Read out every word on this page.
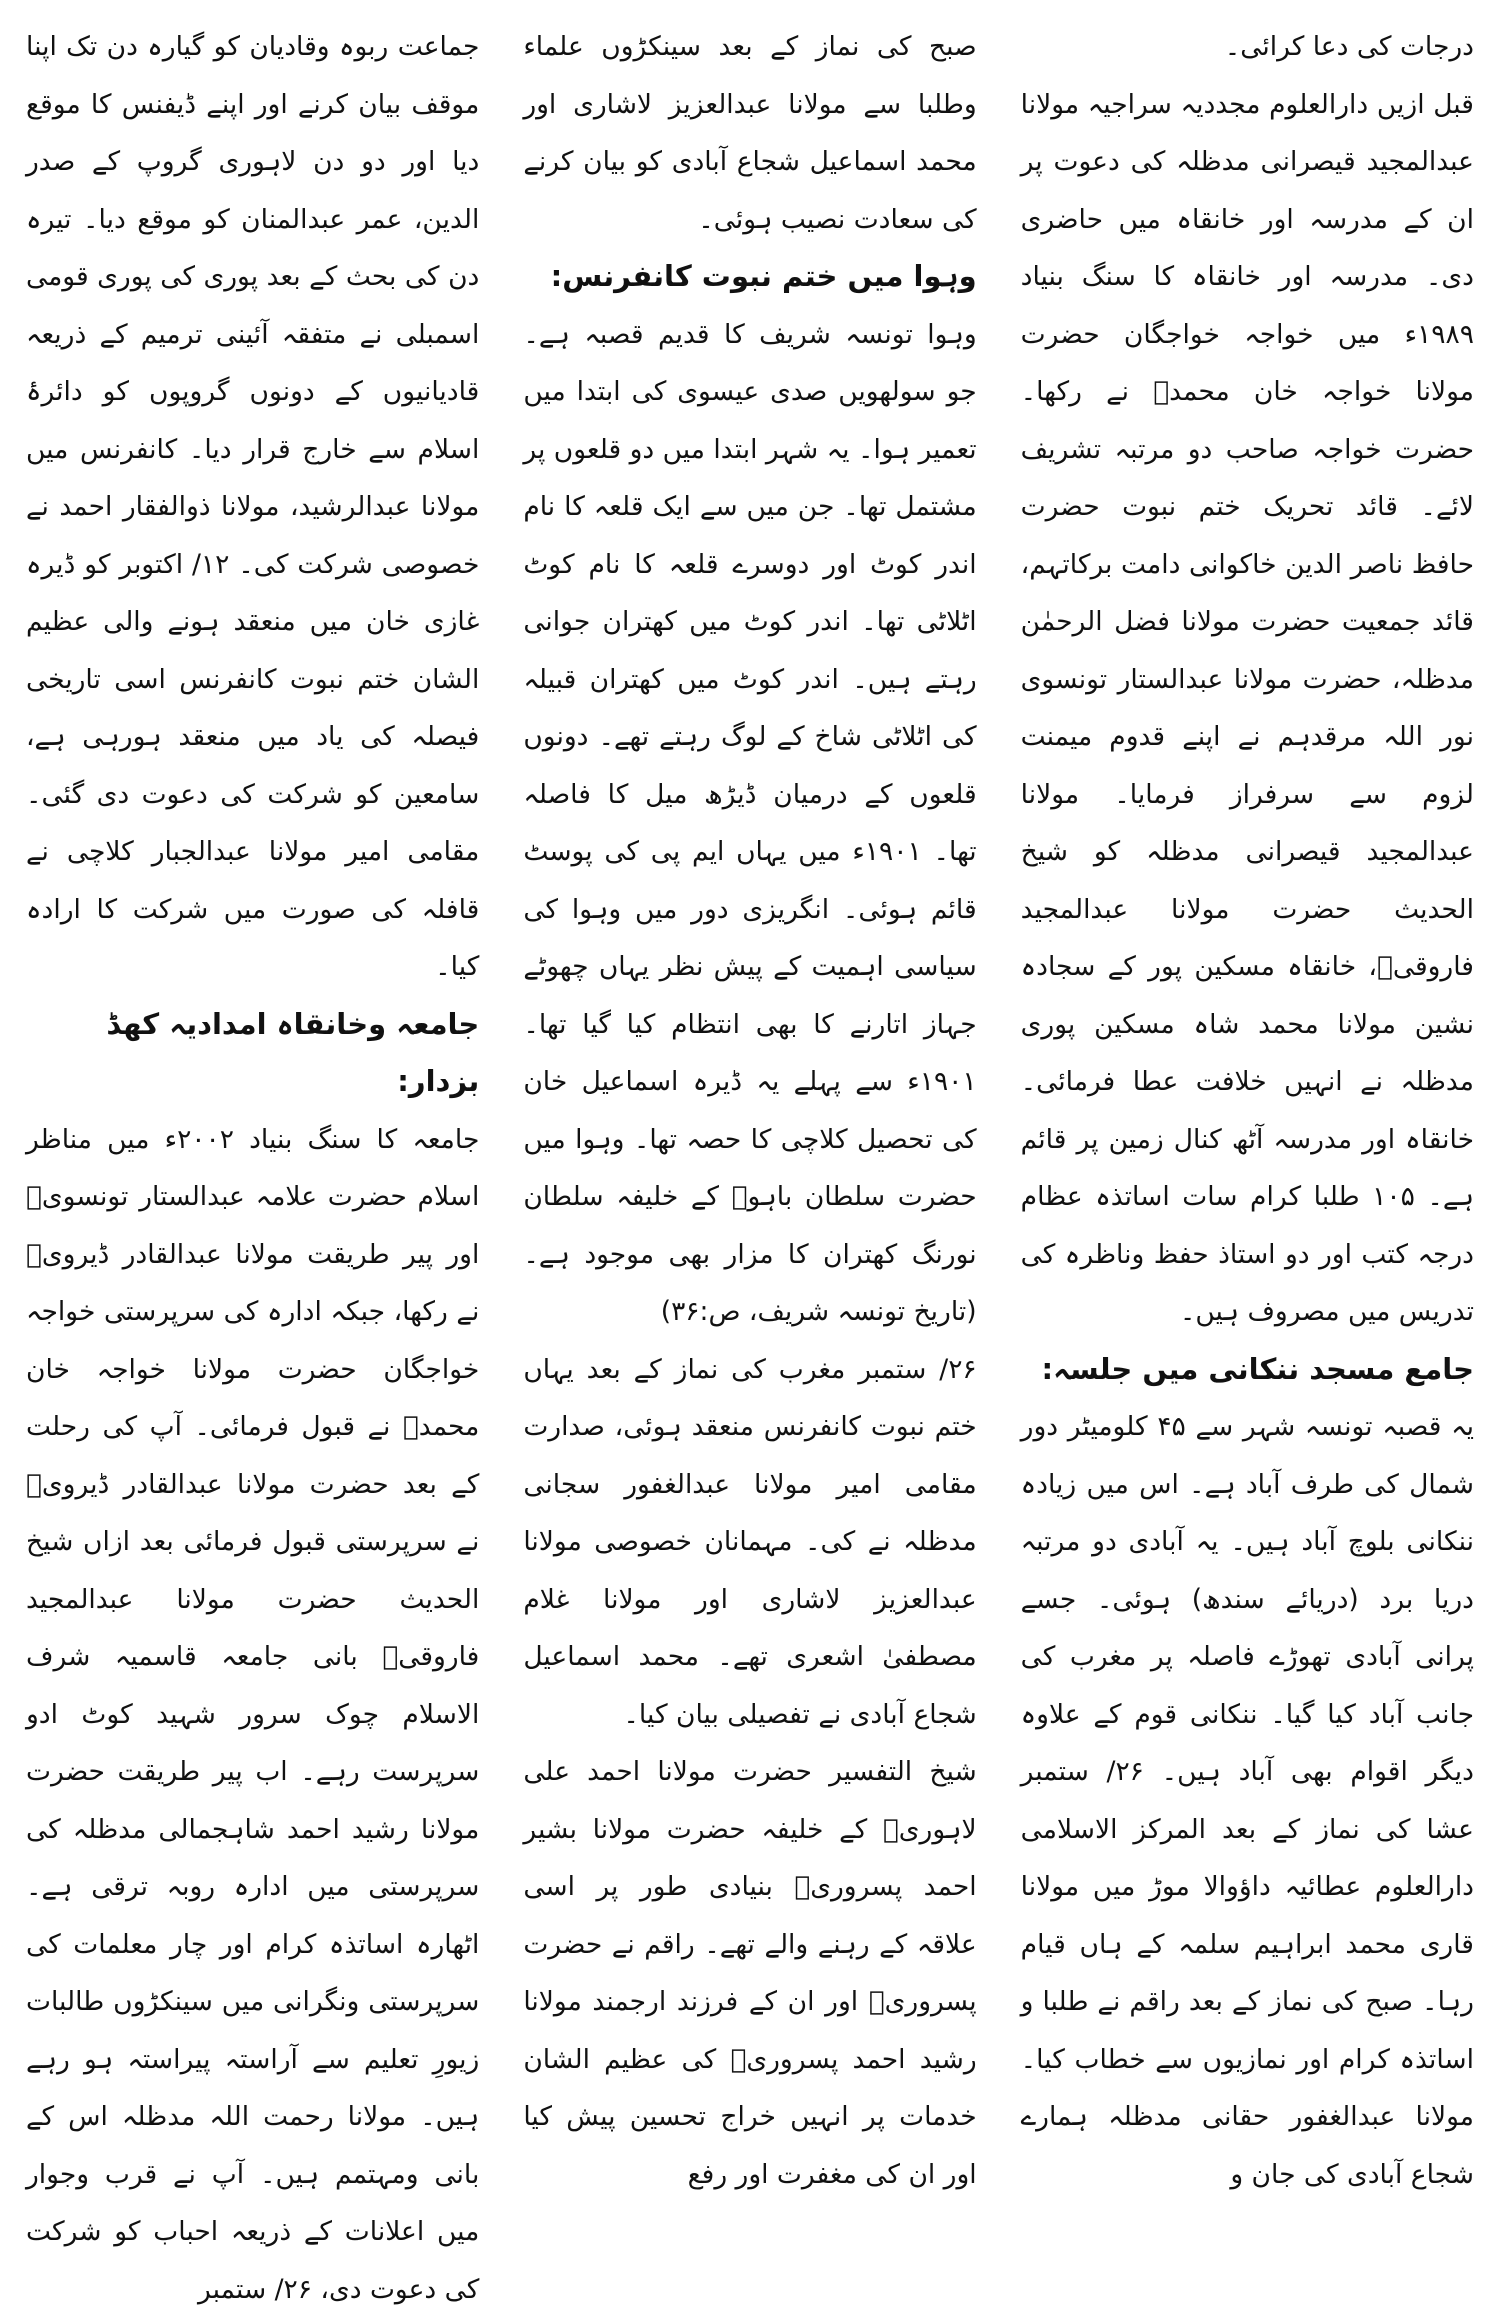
جماعت ربوہ وقادیان کو گیارہ دن تک اپنا موقف بیان کرنے اور اپنے ڈیفنس کا موقع دیا اور دو دن لاہوری گروپ کے صدر الدین، عمر عبدالمنان کو موقع دیا۔ تیرہ دن کی بحث کے بعد پوری کی پوری قومی اسمبلی نے متفقہ آئینی ترمیم کے ذریعہ قادیانیوں کے دونوں گروپوں کو دائرۂ اسلام سے خارج قرار دیا۔ کانفرنس میں مولانا عبدالرشید، مولانا ذوالفقار احمد نے خصوصی شرکت کی۔ ۱۲/ اکتوبر کو ڈیرہ غازی خان میں منعقد ہونے والی عظیم الشان ختم نبوت کانفرنس اسی تاریخی فیصلہ کی یاد میں منعقد ہورہی ہے، سامعین کو شرکت کی دعوت دی گئی۔ مقامی امیر مولانا عبدالجبار کلاچی نے قافلہ کی صورت میں شرکت کا ارادہ کیا۔

جامعہ وخانقاہ امدادیہ کھڈ بزدار:

جامعہ کا سنگ بنیاد ۲۰۰۲ء میں مناظر اسلام حضرت علامہ عبدالستار تونسویؒ اور پیر طریقت مولانا عبدالقادر ڈیرویؒ نے رکھا، جبکہ ادارہ کی سرپرستی خواجہ خواجگان حضرت مولانا خواجہ خان محمدؒ نے قبول فرمائی۔ آپ کی رحلت کے بعد حضرت مولانا عبدالقادر ڈیرویؒ نے سرپرستی قبول فرمائی بعد ازاں شیخ الحدیث حضرت مولانا عبدالمجید فاروقیؒ بانی جامعہ قاسمیہ شرف الاسلام چوک سرور شہید کوٹ ادو سرپرست رہے۔ اب پیر طریقت حضرت مولانا رشید احمد شاہجمالی مدظلہ کی سرپرستی میں ادارہ روبہ ترقی ہے۔ اٹھارہ اساتذہ کرام اور چار معلمات کی سرپرستی ونگرانی میں سینکڑوں طالبات زیورِ تعلیم سے آراستہ پیراستہ ہو رہے ہیں۔ مولانا رحمت اللہ مدظلہ اس کے بانی ومہتمم ہیں۔ آپ نے قرب وجوار میں اعلانات کے ذریعہ احباب کو شرکت کی دعوت دی، ۲۶/ ستمبر

صبح کی نماز کے بعد سینکڑوں علماء وطلبا سے مولانا عبدالعزیز لاشاری اور محمد اسماعیل شجاع آبادی کو بیان کرنے کی سعادت نصیب ہوئی۔

وہوا میں ختم نبوت کانفرنس:

وہوا تونسہ شریف کا قدیم قصبہ ہے۔ جو سولھویں صدی عیسوی کی ابتدا میں تعمیر ہوا۔ یہ شہر ابتدا میں دو قلعوں پر مشتمل تھا۔ جن میں سے ایک قلعہ کا نام اندر کوٹ اور دوسرے قلعہ کا نام کوٹ اٹلاٹی تھا۔ اندر کوٹ میں کھتران جوانی رہتے ہیں۔ اندر کوٹ میں کھتران قبیلہ کی اٹلاٹی شاخ کے لوگ رہتے تھے۔ دونوں قلعوں کے درمیان ڈیڑھ میل کا فاصلہ تھا۔ ۱۹۰۱ء میں یہاں ایم پی کی پوسٹ قائم ہوئی۔ انگریزی دور میں وہوا کی سیاسی اہمیت کے پیش نظر یہاں چھوٹے جہاز اتارنے کا بھی انتظام کیا گیا تھا۔ ۱۹۰۱ء سے پہلے یہ ڈیرہ اسماعیل خان کی تحصیل کلاچی کا حصہ تھا۔ وہوا میں حضرت سلطان باہوؒ کے خلیفہ سلطان نورنگ کھتران کا مزار بھی موجود ہے۔ (تاریخ تونسہ شریف، ص:۳۶)

۲۶/ ستمبر مغرب کی نماز کے بعد یہاں ختم نبوت کانفرنس منعقد ہوئی، صدارت مقامی امیر مولانا عبدالغفور سجانی مدظلہ نے کی۔ مہمانان خصوصی مولانا عبدالعزیز لاشاری اور مولانا غلام مصطفیٰ اشعری تھے۔ محمد اسماعیل شجاع آبادی نے تفصیلی بیان کیا۔

شیخ التفسیر حضرت مولانا احمد علی لاہوریؒ کے خلیفہ حضرت مولانا بشیر احمد پسروریؒ بنیادی طور پر اسی علاقہ کے رہنے والے تھے۔ راقم نے حضرت پسروریؒ اور ان کے فرزند ارجمند مولانا رشید احمد پسروریؒ کی عظیم الشان خدمات پر انہیں خراج تحسین پیش کیا اور ان کی مغفرت اور رفع

درجات کی دعا کرائی۔

قبل ازیں دارالعلوم مجددیہ سراجیہ مولانا عبدالمجید قیصرانی مدظلہ کی دعوت پر ان کے مدرسہ اور خانقاہ میں حاضری دی۔ مدرسہ اور خانقاہ کا سنگ بنیاد ۱۹۸۹ء میں خواجہ خواجگان حضرت مولانا خواجہ خان محمدؒ نے رکھا۔ حضرت خواجہ صاحب دو مرتبہ تشریف لائے۔ قائد تحریک ختم نبوت حضرت حافظ ناصر الدین خاکوانی دامت برکاتہم، قائد جمعیت حضرت مولانا فضل الرحمٰن مدظلہ، حضرت مولانا عبدالستار تونسوی نور اللہ مرقدہم نے اپنے قدوم میمنت لزوم سے سرفراز فرمایا۔ مولانا عبدالمجید قیصرانی مدظلہ کو شیخ الحدیث حضرت مولانا عبدالمجید فاروقیؒ، خانقاہ مسکین پور کے سجادہ نشین مولانا محمد شاہ مسکین پوری مدظلہ نے انہیں خلافت عطا فرمائی۔ خانقاہ اور مدرسہ آٹھ کنال زمین پر قائم ہے۔ ۱۰۵ طلبا کرام سات اساتذہ عظام درجہ کتب اور دو استاذ حفظ وناظرہ کی تدریس میں مصروف ہیں۔

جامع مسجد ننکانی میں جلسہ:

یہ قصبہ تونسہ شہر سے ۴۵ کلومیٹر دور شمال کی طرف آباد ہے۔ اس میں زیادہ ننکانی بلوچ آباد ہیں۔ یہ آبادی دو مرتبہ دریا برد (دریائے سندھ) ہوئی۔ جسے پرانی آبادی تھوڑے فاصلہ پر مغرب کی جانب آباد کیا گیا۔ ننکانی قوم کے علاوہ دیگر اقوام بھی آباد ہیں۔ ۲۶/ ستمبر عشا کی نماز کے بعد المرکز الاسلامی دارالعلوم عطائیہ داؤوالا موڑ میں مولانا قاری محمد ابراہیم سلمہ کے ہاں قیام رہا۔ صبح کی نماز کے بعد راقم نے طلبا و اساتذہ کرام اور نمازیوں سے خطاب کیا۔ مولانا عبدالغفور حقانی مدظلہ ہمارے شجاع آبادی کی جان و
